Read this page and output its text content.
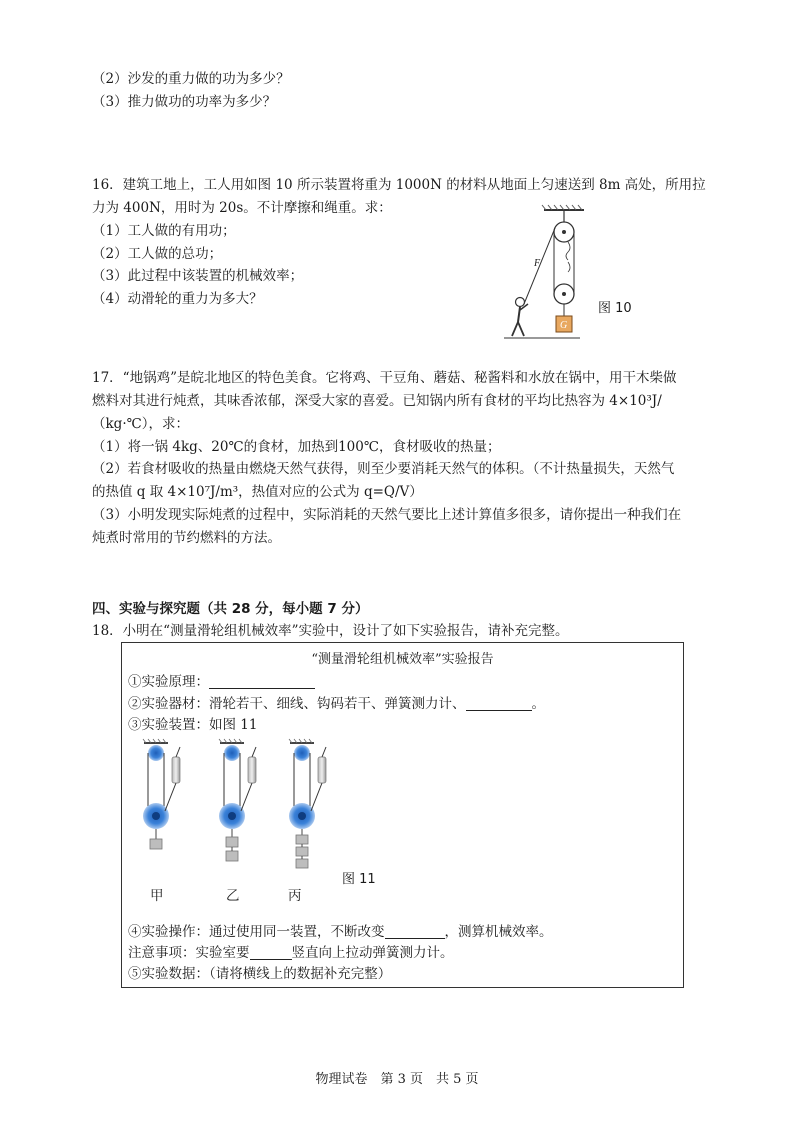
（2）沙发的重力做的功为多少？
（3）推力做功的功率为多少？
16．建筑工地上，工人用如图 10 所示装置将重为 1000N 的材料从地面上匀速送到 8m 高处，所用拉
力为 400N，用时为 20s。不计摩擦和绳重。求：
（1）工人做的有用功；
（2）工人做的总功；
（3）此过程中该装置的机械效率；
（4）动滑轮的重力为多大？
G
F
图 10
17．“地锅鸡”是皖北地区的特色美食。它将鸡、干豆角、蘑菇、秘酱料和水放在锅中，用干木柴做
燃料对其进行炖煮，其味香浓郁，深受大家的喜爱。已知锅内所有食材的平均比热容为 4×10³J/
（kg·℃），求：
（1）将一锅 4kg、20℃的食材，加热到100℃，食材吸收的热量；
（2）若食材吸收的热量由燃烧天然气获得，则至少要消耗天然气的体积。（不计热量损失，天然气
的热值 q 取 4×10⁷J/m³，热值对应的公式为 q=Q/V）
（3）小明发现实际炖煮的过程中，实际消耗的天然气要比上述计算值多很多，请你提出一种我们在
炖煮时常用的节约燃料的方法。
四、实验与探究题（共 28 分，每小题 7 分）
18．小明在“测量滑轮组机械效率”实验中，设计了如下实验报告，请补充完整。
“测量滑轮组机械效率”实验报告
①实验原理：
②实验器材：滑轮若干、细线、钩码若干、弹簧测力计、	。
③实验装置：如图 11
甲	乙	丙
图 11
④实验操作：通过使用同一装置，不断改变	，测算机械效率。
注意事项：实验室要	竖直向上拉动弹簧测力计。
⑤实验数据：（请将横线上的数据补充完整）
物理试卷　第 3 页　共 5 页
